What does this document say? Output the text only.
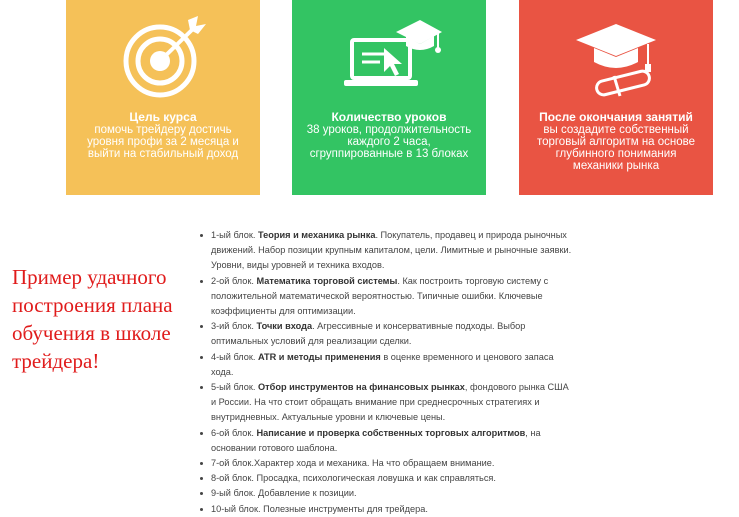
Цель курса
помочь трейдеру достичь уровня профи за 2 месяца и выйти на стабильный доход
Количество уроков
38 уроков, продолжительность каждого 2 часа, сгруппированные в 13 блоках
После окончания занятий
вы создадите собственный торговый алгоритм на основе глубинного понимания механики рынка
Пример удачного построения плана обучения в школе трейдера!
1-ый блок. Теория и механика рынка. Покупатель, продавец и природа рыночных движений. Набор позиции крупным капиталом, цели. Лимитные и рыночные заявки. Уровни, виды уровней и техника входов.
2-ой блок. Математика торговой системы. Как построить торговую систему с положительной математической вероятностью. Типичные ошибки. Ключевые коэффициенты для оптимизации.
3-ий блок. Точки входа. Агрессивные и консервативные подходы. Выбор оптимальных условий для реализации сделки.
4-ый блок. ATR и методы применения в оценке временного и ценового запаса хода.
5-ый блок. Отбор инструментов на финансовых рынках, фондового рынка США и России. На что стоит обращать внимание при среднесрочных стратегиях и внутридневных. Актуальные уровни и ключевые цены.
6-ой блок. Написание и проверка собственных торговых алгоритмов, на основании готового шаблона.
7-ой блок.Характер хода и механика. На что обращаем внимание.
8-ой блок. Просадка, психологическая ловушка и как справляться.
9-ый блок. Добавление к позиции.
10-ый блок. Полезные инструменты для трейдера.
